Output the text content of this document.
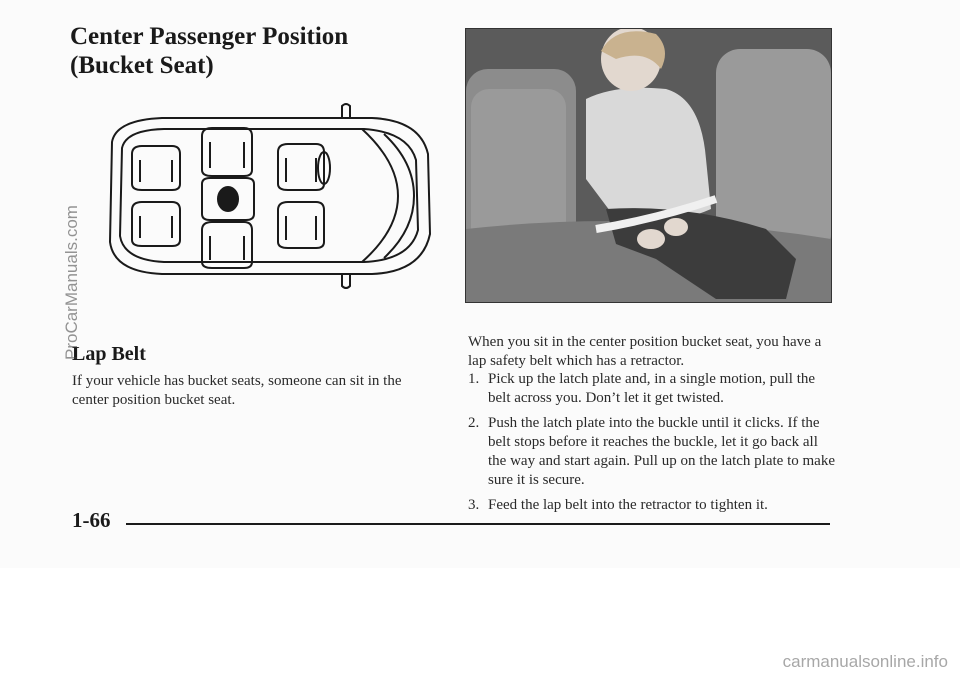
Center Passenger Position
(Bucket Seat)
Lap Belt

If your vehicle has bucket seats, someone can sit in the center position bucket seat.

When you sit in the center position bucket seat, you have a lap safety belt which has a retractor.

1. Pick up the latch plate and, in a single motion, pull the belt across you. Don’t let it get twisted.
2. Push the latch plate into the buckle until it clicks. If the belt stops before it reaches the buckle, let it go back all the way and start again. Pull up on the latch plate to make sure it is secure.
3. Feed the lap belt into the retractor to tighten it.
1-66
ProCarManuals.com
carmanualsonline.info
